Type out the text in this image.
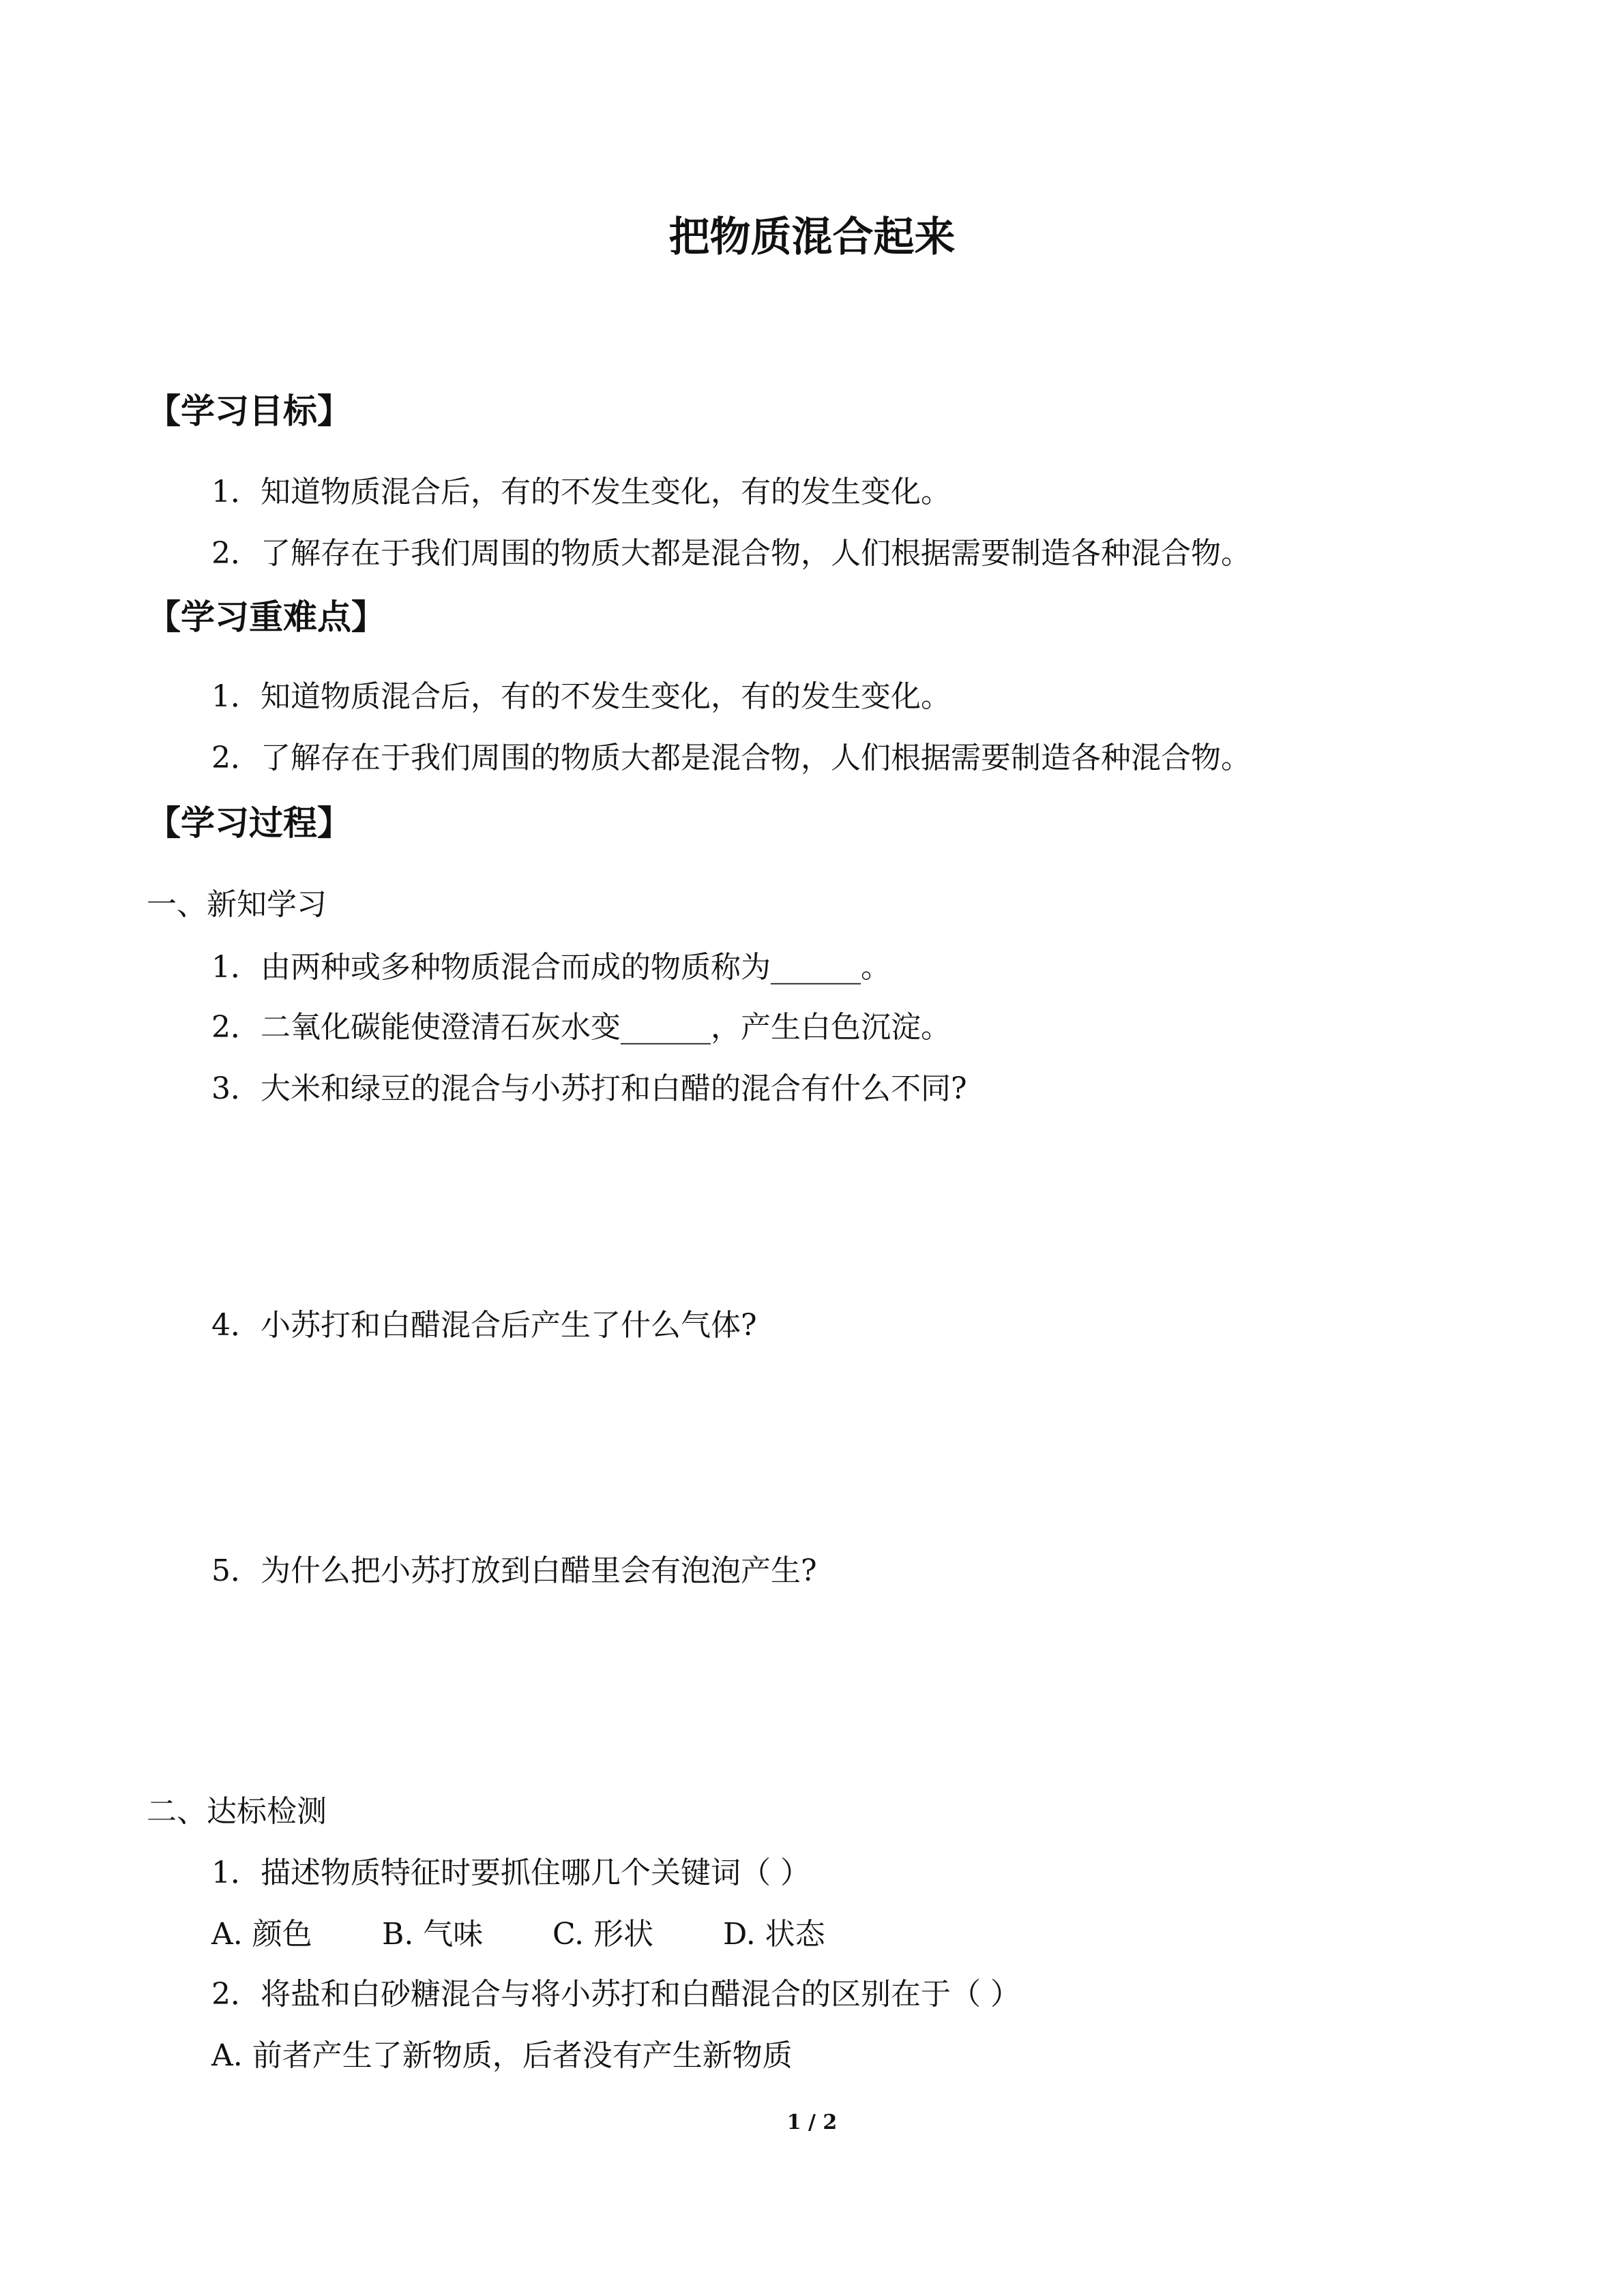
把物质混合起来
【学习目标】
1．知道物质混合后，有的不发生变化，有的发生变化。
2．了解存在于我们周围的物质大都是混合物，人们根据需要制造各种混合物。
【学习重难点】
1．知道物质混合后，有的不发生变化，有的发生变化。
2．了解存在于我们周围的物质大都是混合物，人们根据需要制造各种混合物。
【学习过程】
一、新知学习
1．由两种或多种物质混合而成的物质称为______。
2．二氧化碳能使澄清石灰水变______，产生白色沉淀。
3．大米和绿豆的混合与小苏打和白醋的混合有什么不同?
4．小苏打和白醋混合后产生了什么气体?
5．为什么把小苏打放到白醋里会有泡泡产生?
二、达标检测
1．描述物质特征时要抓住哪几个关键词（ ）
A. 颜色 B. 气味 C. 形状 D. 状态
2．将盐和白砂糖混合与将小苏打和白醋混合的区别在于（ ）
A. 前者产生了新物质，后者没有产生新物质
1 / 2
